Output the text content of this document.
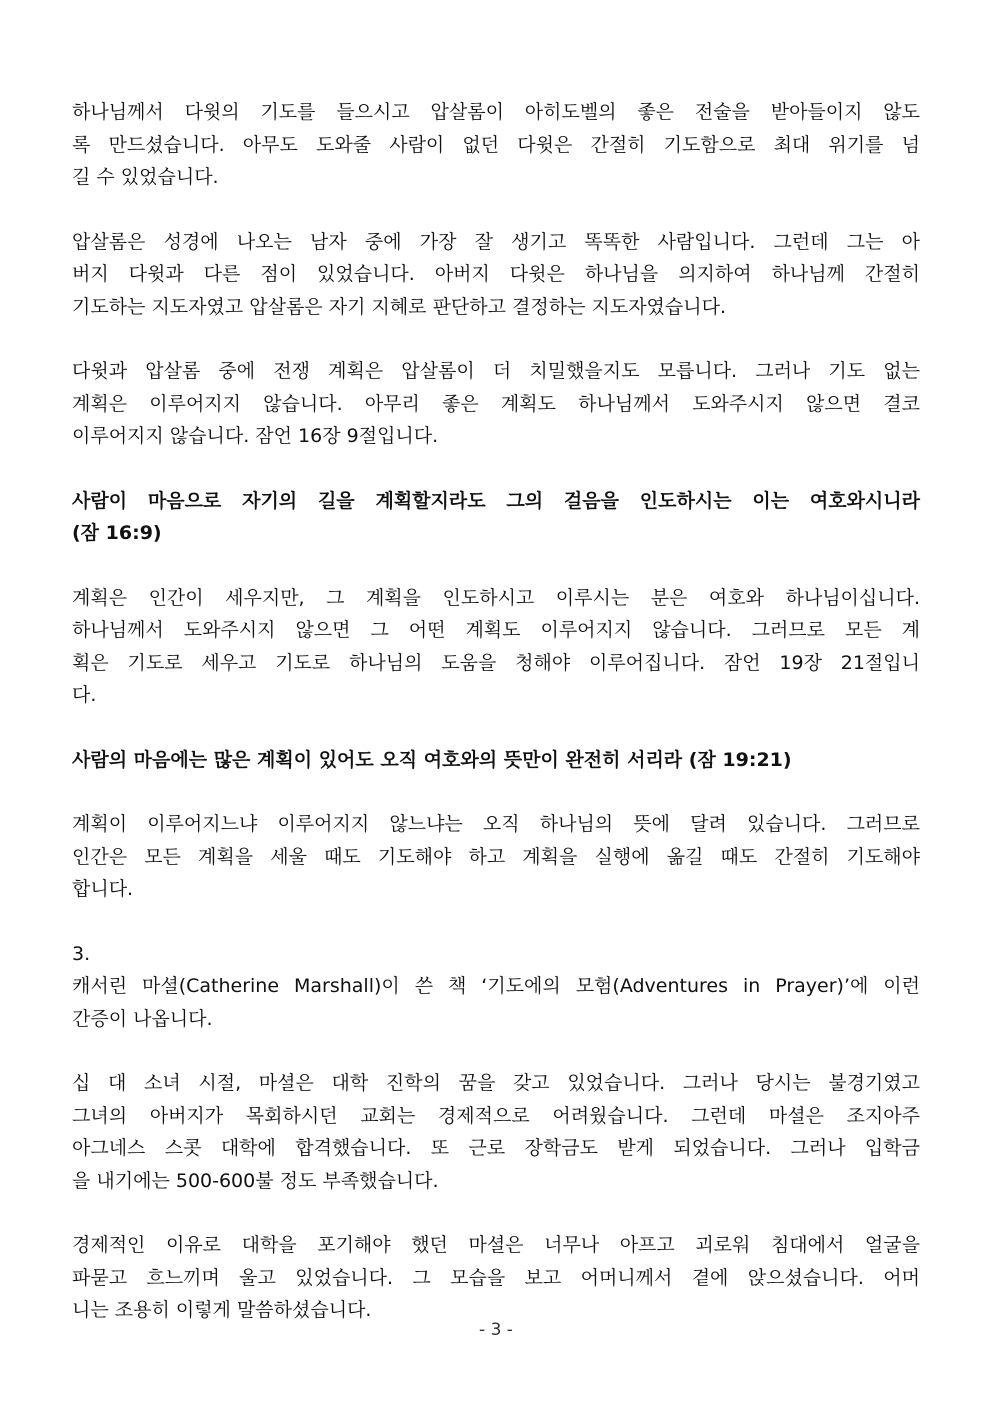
하나님께서 다윗의 기도를 들으시고 압살롬이 아히도벨의 좋은 전술을 받아들이지 않도
록 만드셨습니다. 아무도 도와줄 사람이 없던 다윗은 간절히 기도함으로 최대 위기를 넘
길 수 있었습니다.

압살롬은 성경에 나오는 남자 중에 가장 잘 생기고 똑똑한 사람입니다. 그런데 그는 아
버지 다윗과 다른 점이 있었습니다. 아버지 다윗은 하나님을 의지하여 하나님께 간절히
기도하는 지도자였고 압살롬은 자기 지혜로 판단하고 결정하는 지도자였습니다.

다윗과 압살롬 중에 전쟁 계획은 압살롬이 더 치밀했을지도 모릅니다. 그러나 기도 없는
계획은 이루어지지 않습니다. 아무리 좋은 계획도 하나님께서 도와주시지 않으면 결코
이루어지지 않습니다. 잠언 16장 9절입니다.

사람이 마음으로 자기의 길을 계획할지라도 그의 걸음을 인도하시는 이는 여호와시니라
(잠 16:9)

계획은 인간이 세우지만, 그 계획을 인도하시고 이루시는 분은 여호와 하나님이십니다.
하나님께서 도와주시지 않으면 그 어떤 계획도 이루어지지 않습니다. 그러므로 모든 계
획은 기도로 세우고 기도로 하나님의 도움을 청해야 이루어집니다. 잠언 19장 21절입니
다.

사람의 마음에는 많은 계획이 있어도 오직 여호와의 뜻만이 완전히 서리라 (잠 19:21)

계획이 이루어지느냐 이루어지지 않느냐는 오직 하나님의 뜻에 달려 있습니다. 그러므로
인간은 모든 계획을 세울 때도 기도해야 하고 계획을 실행에 옮길 때도 간절히 기도해야
합니다.

3.
캐서린 마셜(Catherine Marshall)이 쓴 책 ‘기도에의 모험(Adventures in Prayer)’에 이런
간증이 나옵니다.

십 대 소녀 시절, 마셜은 대학 진학의 꿈을 갖고 있었습니다. 그러나 당시는 불경기였고
그녀의 아버지가 목회하시던 교회는 경제적으로 어려웠습니다. 그런데 마셜은 조지아주
아그네스 스콧 대학에 합격했습니다. 또 근로 장학금도 받게 되었습니다. 그러나 입학금
을 내기에는 500-600불 정도 부족했습니다.

경제적인 이유로 대학을 포기해야 했던 마셜은 너무나 아프고 괴로워 침대에서 얼굴을
파묻고 흐느끼며 울고 있었습니다. 그 모습을 보고 어머니께서 곁에 앉으셨습니다. 어머
니는 조용히 이렇게 말씀하셨습니다.

- 3 -
